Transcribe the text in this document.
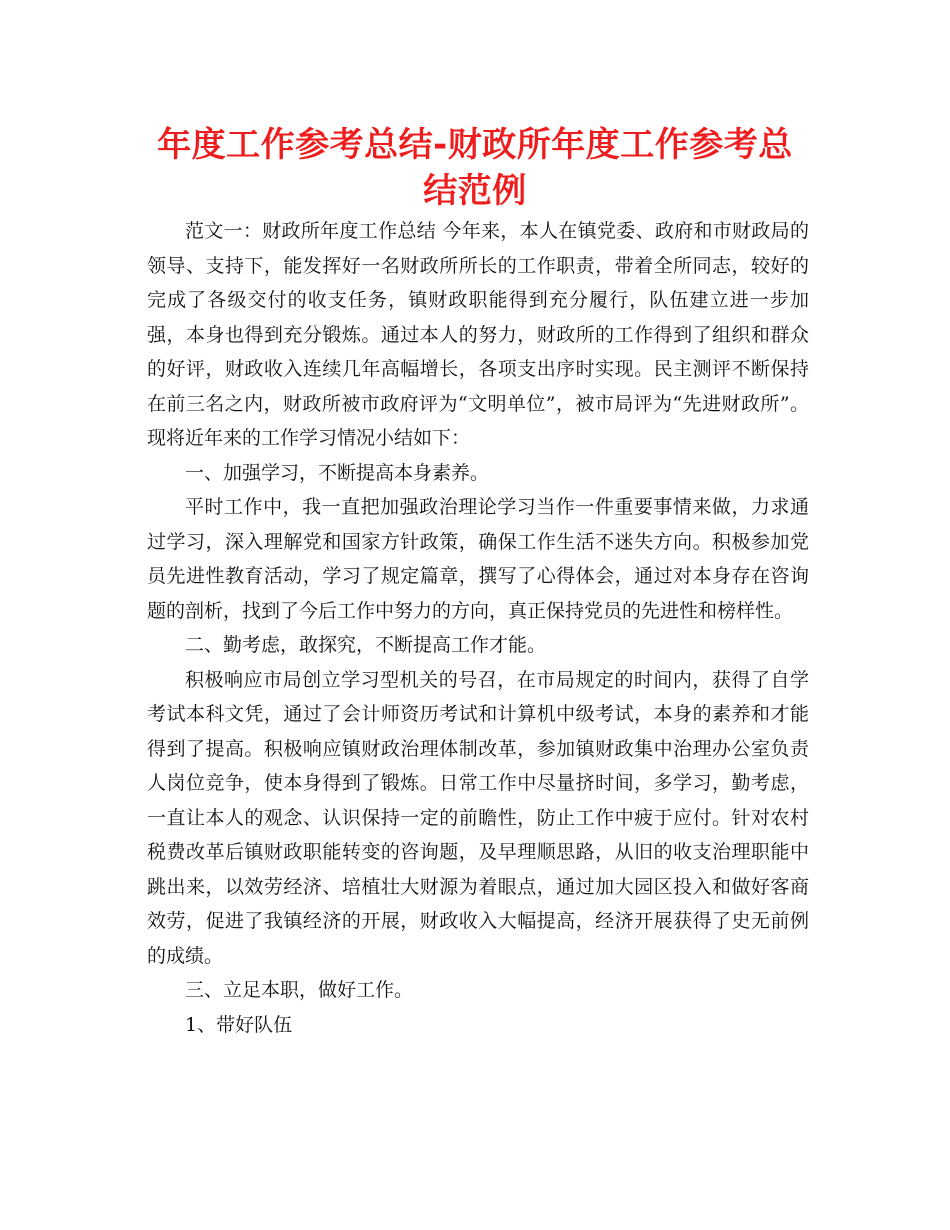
年度工作参考总结-财政所年度工作参考总结范例

范文一：财政所年度工作总结 今年来，本人在镇党委、政府和市财政局的领导、支持下，能发挥好一名财政所所长的工作职责，带着全所同志，较好的完成了各级交付的收支任务，镇财政职能得到充分履行，队伍建立进一步加强，本身也得到充分锻炼。通过本人的努力，财政所的工作得到了组织和群众的好评，财政收入连续几年高幅增长，各项支出序时实现。民主测评不断保持在前三名之内，财政所被市政府评为“文明单位”，被市局评为“先进财政所”。现将近年来的工作学习情况小结如下：

一、加强学习，不断提高本身素养。

平时工作中，我一直把加强政治理论学习当作一件重要事情来做，力求通过学习，深入理解党和国家方针政策，确保工作生活不迷失方向。积极参加党员先进性教育活动，学习了规定篇章，撰写了心得体会，通过对本身存在咨询题的剖析，找到了今后工作中努力的方向，真正保持党员的先进性和榜样性。

二、勤考虑，敢探究，不断提高工作才能。

积极响应市局创立学习型机关的号召，在市局规定的时间内，获得了自学考试本科文凭，通过了会计师资历考试和计算机中级考试，本身的素养和才能得到了提高。积极响应镇财政治理体制改革，参加镇财政集中治理办公室负责人岗位竞争，使本身得到了锻炼。日常工作中尽量挤时间，多学习，勤考虑，一直让本人的观念、认识保持一定的前瞻性，防止工作中疲于应付。针对农村税费改革后镇财政职能转变的咨询题，及早理顺思路，从旧的收支治理职能中跳出来，以效劳经济、培植壮大财源为着眼点，通过加大园区投入和做好客商效劳，促进了我镇经济的开展，财政收入大幅提高，经济开展获得了史无前例的成绩。

三、立足本职，做好工作。

1、带好队伍
